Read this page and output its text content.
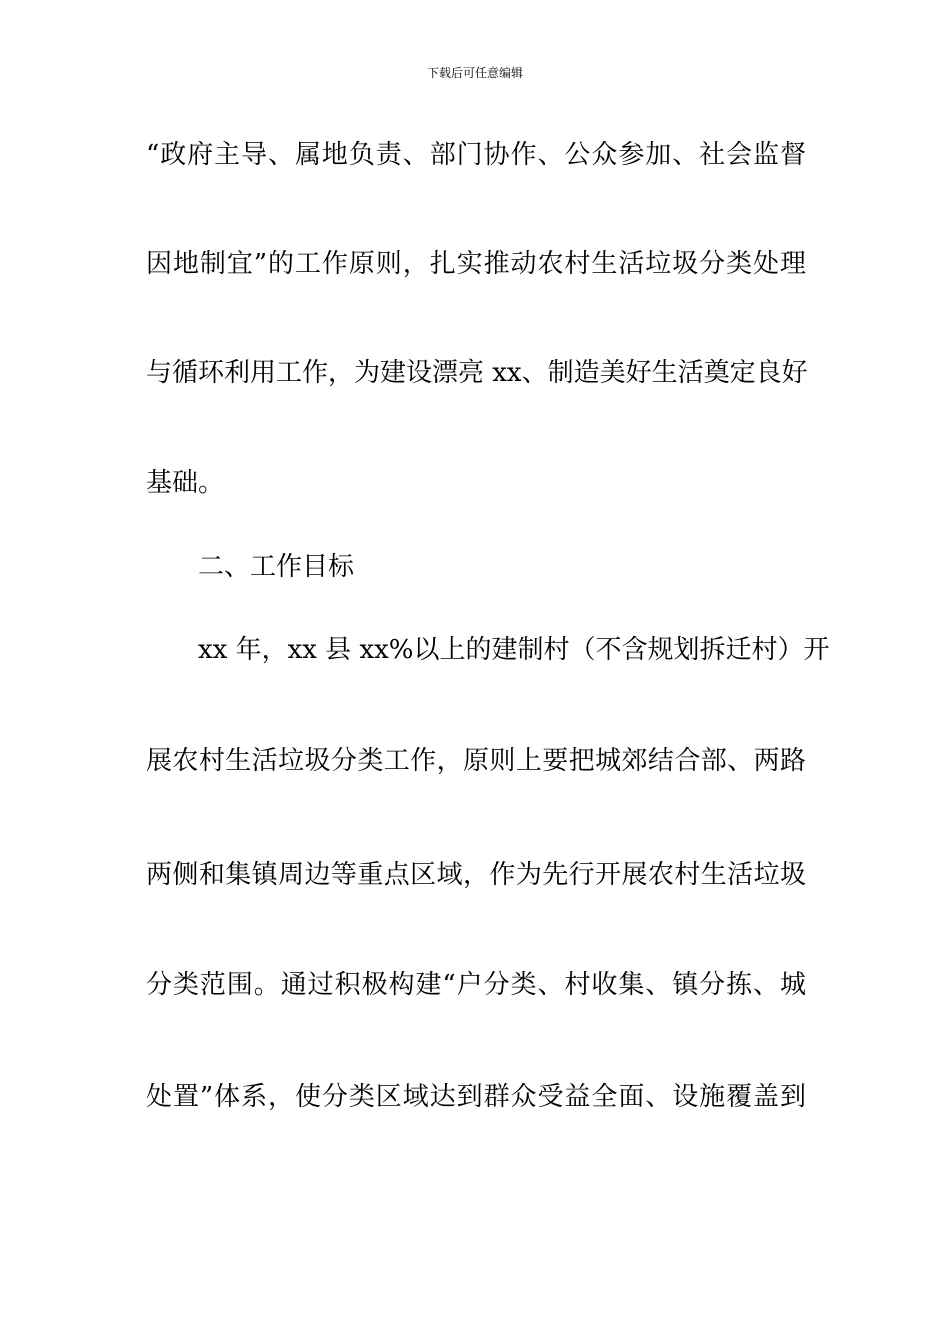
下载后可任意编辑
“政府主导、属地负责、部门协作、公众参加、社会监督
因地制宜”的工作原则，扎实推动农村生活垃圾分类处理
与循环利用工作，为建设漂亮 xx、制造美好生活奠定良好
基础。
二、工作目标
xx 年，xx 县 xx%以上的建制村（不含规划拆迁村）开
展农村生活垃圾分类工作，原则上要把城郊结合部、两路
两侧和集镇周边等重点区域，作为先行开展农村生活垃圾
分类范围。通过积极构建“户分类、村收集、镇分拣、城
处置”体系，使分类区域达到群众受益全面、设施覆盖到
